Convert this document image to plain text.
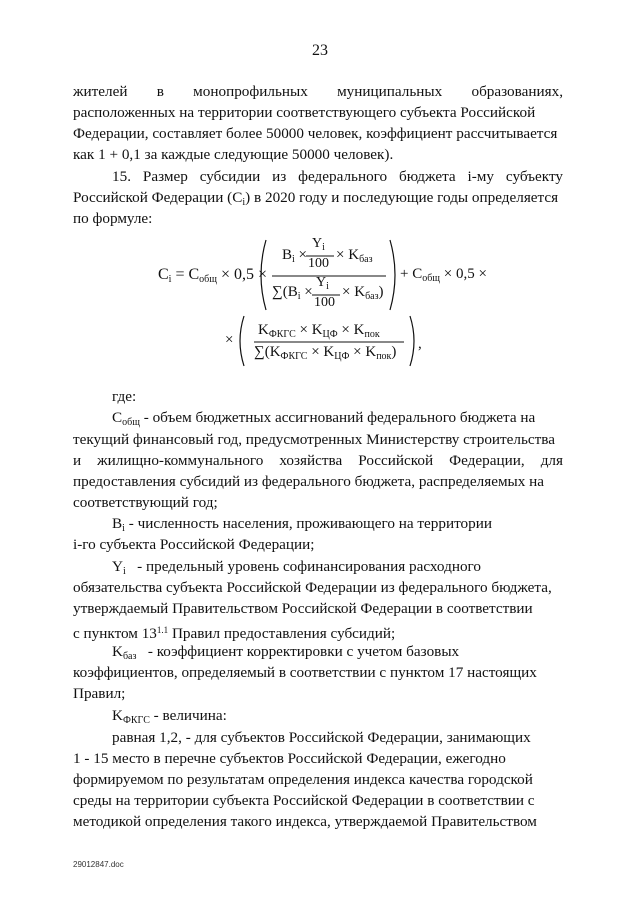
23
жителей в монопрофильных муниципальных образованиях,
расположенных на территории соответствующего субъекта Российской
Федерации, составляет более 50000 человек, коэффициент рассчитывается
как 1 + 0,1 за каждые следующие 50000 человек).
15. Размер субсидии из федерального бюджета i-му субъекту
Российской Федерации $(C_i)$ в 2020 году и последующие годы определяется
по формуле:
$C_i = C_{общ} \times 0,5$ ×
$B_i$ ×
$Y_i$
100
× $K_{баз}$
$\sum(B_i$ ×
$Y_i$
100
× $K_{баз}$)
+ $C_{общ} \times 0,5$ ×
×
$K_{ФКГС} \times K_{ЦФ} \times K_{пок}$
$\sum(K_{ФКГС} \times K_{ЦФ} \times K_{пок})$ ,
где:
$C_{общ}$ - объем бюджетных ассигнований федерального бюджета на
текущий финансовый год, предусмотренных Министерству строительства
и жилищно-коммунального хозяйства Российской Федерации, для
предоставления субсидий из федерального бюджета, распределяемых на
соответствующий год;
$B_i$ - численность населения, проживающего на территории
i-го субъекта Российской Федерации;
$Y_i$ - предельный уровень софинансирования расходного
обязательства субъекта Российской Федерации из федерального бюджета,
утверждаемый Правительством Российской Федерации в соответствии
с пунктом $13^{1.1}$ Правил предоставления субсидий;
$K_{баз}$ - коэффициент корректировки с учетом базовых
коэффициентов, определяемый в соответствии с пунктом 17 настоящих
Правил;
$K_{ФКГС}$ - величина:
равная 1,2, - для субъектов Российской Федерации, занимающих
1 - 15 место в перечне субъектов Российской Федерации, ежегодно
формируемом по результатам определения индекса качества городской
среды на территории субъекта Российской Федерации в соответствии с
методикой определения такого индекса, утверждаемой Правительством
29012847.doc
